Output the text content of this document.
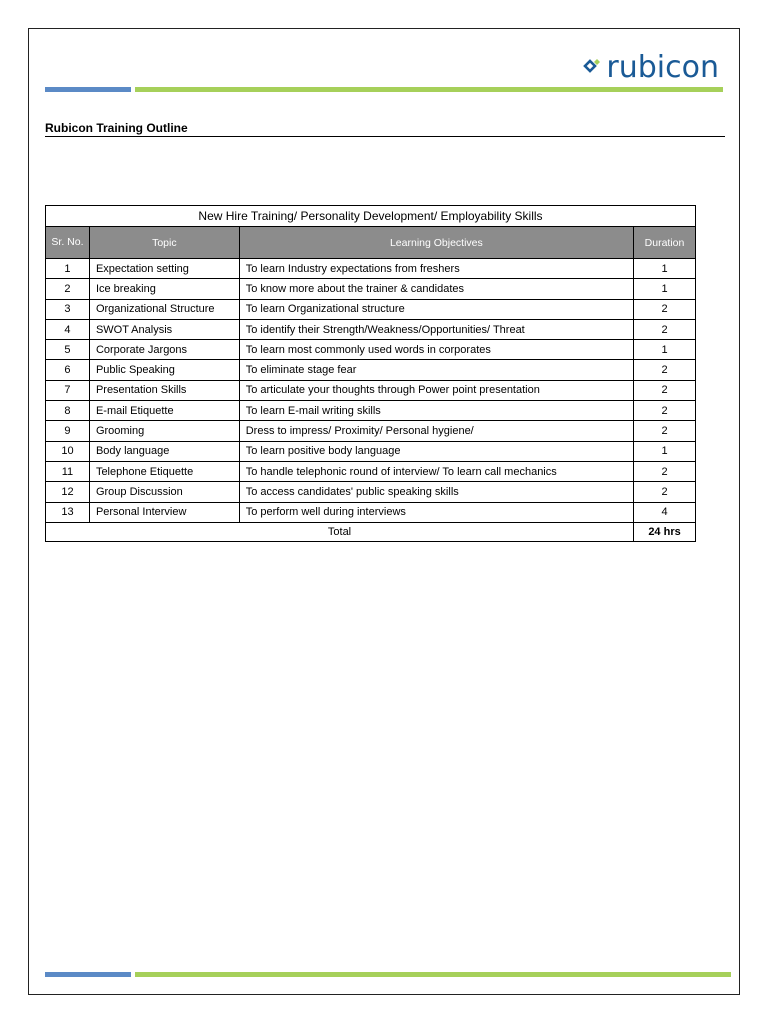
rubicon
Rubicon Training Outline
New Hire Training/ Personality Development/ Employability Skills			
Sr. No.	Topic	Learning Objectives	Duration
1	Expectation setting	To learn Industry expectations from freshers	1
2	Ice breaking	To know more about the trainer & candidates	1
3	Organizational Structure	To learn Organizational structure	2
4	SWOT Analysis	To identify their Strength/Weakness/Opportunities/ Threat	2
5	Corporate Jargons	To learn most commonly used words in corporates	1
6	Public Speaking	To eliminate stage fear	2
7	Presentation Skills	To articulate your thoughts through Power point presentation	2
8	E-mail Etiquette	To learn E-mail writing skills	2
9	Grooming	Dress to impress/ Proximity/ Personal hygiene/	2
10	Body language	To learn positive body language	1
11	Telephone Etiquette	To handle telephonic round of interview/ To learn call mechanics	2
12	Group Discussion	To access candidates' public speaking skills	2
13	Personal Interview	To perform well during interviews	4
Total			24 hrs
